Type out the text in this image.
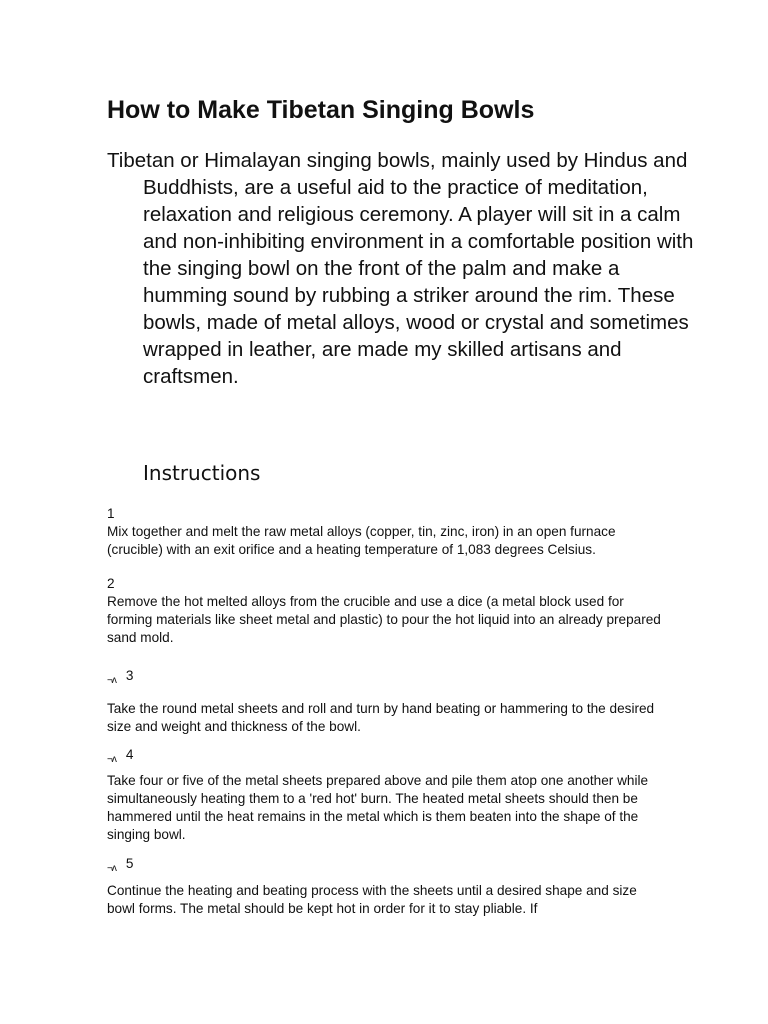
How to Make Tibetan Singing Bowls

Tibetan or Himalayan singing bowls, mainly used by Hindus and Buddhists, are a useful aid to the practice of meditation, relaxation and religious ceremony. A player will sit in a calm and non-inhibiting environment in a comfortable position with the singing bowl on the front of the palm and make a humming sound by rubbing a striker around the rim. These bowls, made of metal alloys, wood or crystal and sometimes wrapped in leather, are made my skilled artisans and craftsmen.

Instructions

1

Mix together and melt the raw metal alloys (copper, tin, zinc, iron) in an open furnace (crucible) with an exit orifice and a heating temperature of 1,083 degrees Celsius.

2

Remove the hot melted alloys from the crucible and use a dice (a metal block used for forming materials like sheet metal and plastic) to pour the hot liquid into an already prepared sand mold.

¬ʌ 3

Take the round metal sheets and roll and turn by hand beating or hammering to the desired size and weight and thickness of the bowl.

¬ʌ 4

Take four or five of the metal sheets prepared above and pile them atop one another while simultaneously heating them to a 'red hot' burn. The heated metal sheets should then be hammered until the heat remains in the metal which is them beaten into the shape of the singing bowl.

¬ʌ 5

Continue the heating and beating process with the sheets until a desired shape and size bowl forms. The metal should be kept hot in order for it to stay pliable. If
